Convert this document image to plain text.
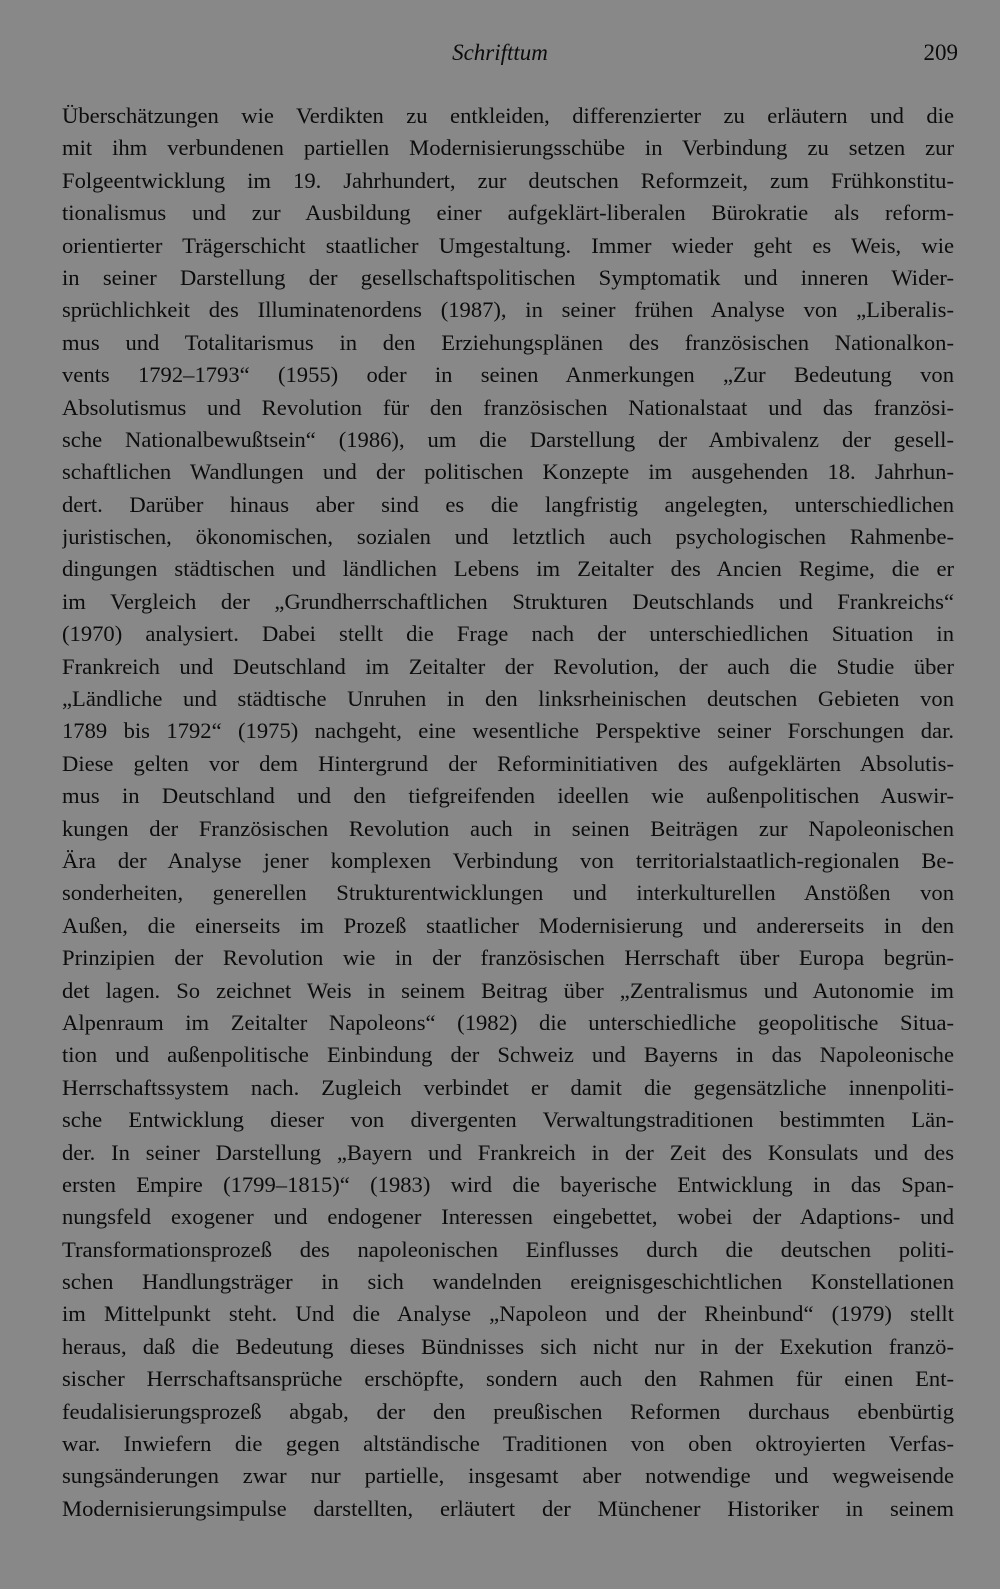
Schrifttum	209
Überschätzungen wie Verdikten zu entkleiden, differenzierter zu erläutern und die
mit ihm verbundenen partiellen Modernisierungsschübe in Verbindung zu setzen zur
Folgeentwicklung im 19. Jahrhundert, zur deutschen Reformzeit, zum Frühkonstitu-
tionalismus und zur Ausbildung einer aufgeklärt-liberalen Bürokratie als reform-
orientierter Trägerschicht staatlicher Umgestaltung. Immer wieder geht es Weis, wie
in seiner Darstellung der gesellschaftspolitischen Symptomatik und inneren Wider-
sprüchlichkeit des Illuminatenordens (1987), in seiner frühen Analyse von „Liberalis-
mus und Totalitarismus in den Erziehungsplänen des französischen Nationalkon-
vents 1792–1793“ (1955) oder in seinen Anmerkungen „Zur Bedeutung von
Absolutismus und Revolution für den französischen Nationalstaat und das französi-
sche Nationalbewußtsein“ (1986), um die Darstellung der Ambivalenz der gesell-
schaftlichen Wandlungen und der politischen Konzepte im ausgehenden 18. Jahrhun-
dert. Darüber hinaus aber sind es die langfristig angelegten, unterschiedlichen
juristischen, ökonomischen, sozialen und letztlich auch psychologischen Rahmenbe-
dingungen städtischen und ländlichen Lebens im Zeitalter des Ancien Regime, die er
im Vergleich der „Grundherrschaftlichen Strukturen Deutschlands und Frankreichs“
(1970) analysiert. Dabei stellt die Frage nach der unterschiedlichen Situation in
Frankreich und Deutschland im Zeitalter der Revolution, der auch die Studie über
„Ländliche und städtische Unruhen in den linksrheinischen deutschen Gebieten von
1789 bis 1792“ (1975) nachgeht, eine wesentliche Perspektive seiner Forschungen dar.
Diese gelten vor dem Hintergrund der Reforminitiativen des aufgeklärten Absolutis-
mus in Deutschland und den tiefgreifenden ideellen wie außenpolitischen Auswir-
kungen der Französischen Revolution auch in seinen Beiträgen zur Napoleonischen
Ära der Analyse jener komplexen Verbindung von territorialstaatlich-regionalen Be-
sonderheiten, generellen Strukturentwicklungen und interkulturellen Anstößen von
Außen, die einerseits im Prozeß staatlicher Modernisierung und andererseits in den
Prinzipien der Revolution wie in der französischen Herrschaft über Europa begrün-
det lagen. So zeichnet Weis in seinem Beitrag über „Zentralismus und Autonomie im
Alpenraum im Zeitalter Napoleons“ (1982) die unterschiedliche geopolitische Situa-
tion und außenpolitische Einbindung der Schweiz und Bayerns in das Napoleonische
Herrschaftssystem nach. Zugleich verbindet er damit die gegensätzliche innenpoliti-
sche Entwicklung dieser von divergenten Verwaltungstraditionen bestimmten Län-
der. In seiner Darstellung „Bayern und Frankreich in der Zeit des Konsulats und des
ersten Empire (1799–1815)“ (1983) wird die bayerische Entwicklung in das Span-
nungsfeld exogener und endogener Interessen eingebettet, wobei der Adaptions- und
Transformationsprozeß des napoleonischen Einflusses durch die deutschen politi-
schen Handlungsträger in sich wandelnden ereignisgeschichtlichen Konstellationen
im Mittelpunkt steht. Und die Analyse „Napoleon und der Rheinbund“ (1979) stellt
heraus, daß die Bedeutung dieses Bündnisses sich nicht nur in der Exekution franzö-
sischer Herrschaftsansprüche erschöpfte, sondern auch den Rahmen für einen Ent-
feudalisierungsprozeß abgab, der den preußischen Reformen durchaus ebenbürtig
war. Inwiefern die gegen altständische Traditionen von oben oktroyierten Verfas-
sungsänderungen zwar nur partielle, insgesamt aber notwendige und wegweisende
Modernisierungsimpulse darstellten, erläutert der Münchener Historiker in seinem
